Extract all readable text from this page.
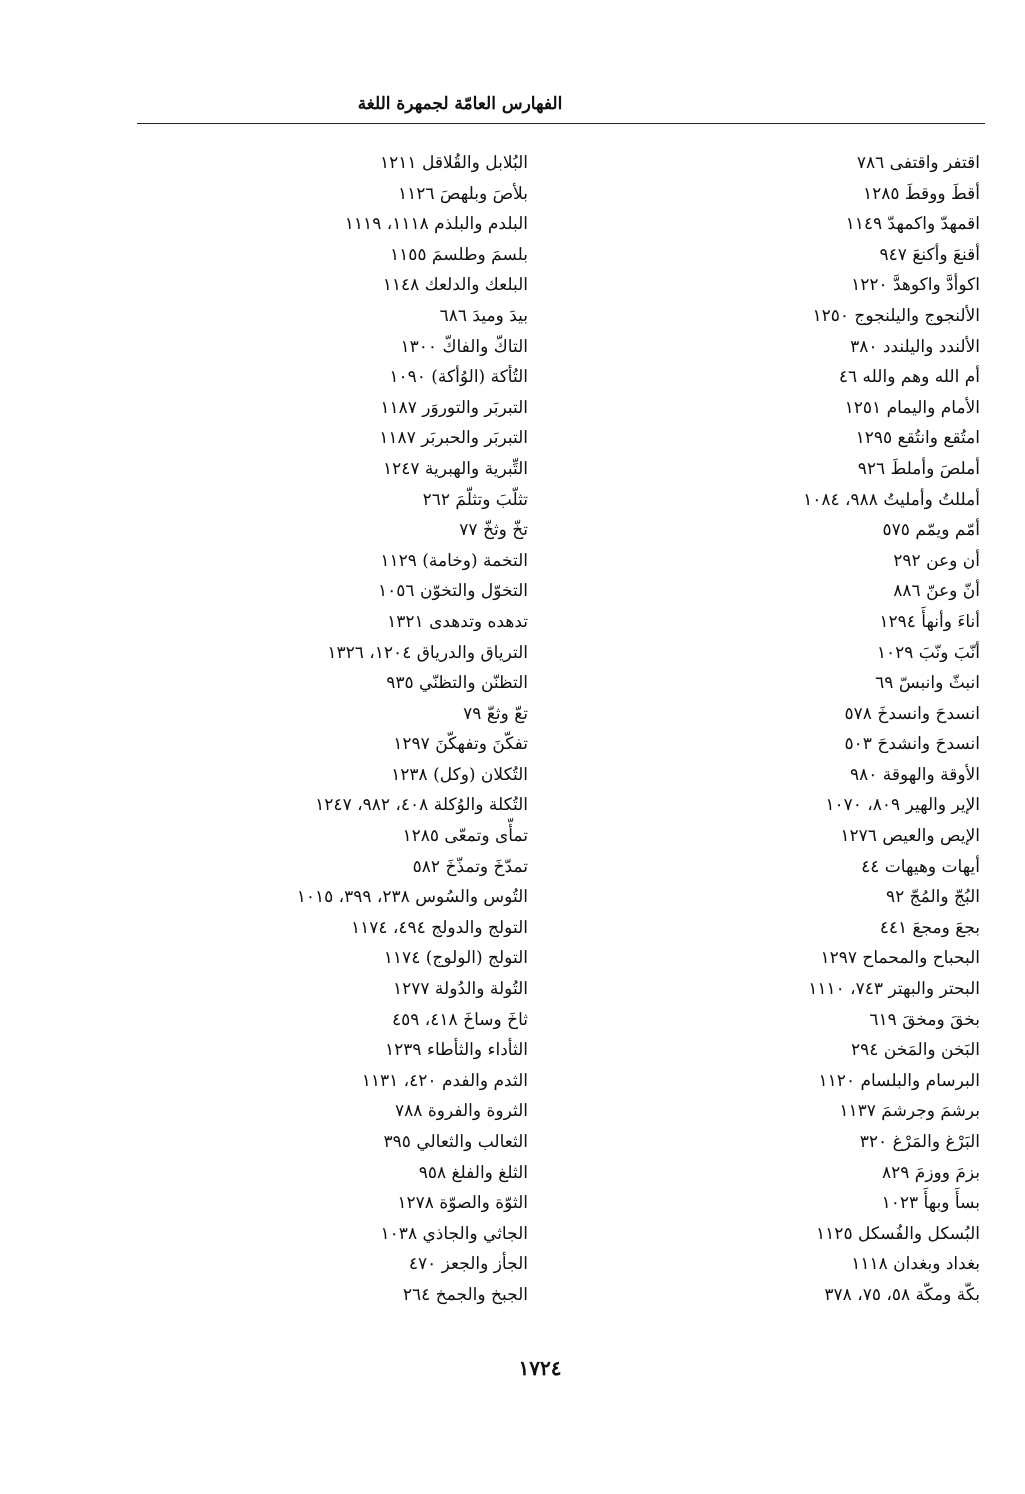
الفهارس العامّة لجمهرة اللغة
اقتفر واقتفى ٧٨٦
أقطَ ووقطَ ١٢٨٥
اقمهدّ واكمهدّ ١١٤٩
أقنعَ وأكنعَ ٩٤٧
اكوأدَّ واكوهدَّ ١٢٢٠
الألنجوج واليلنجوج ١٢٥٠
الألندد واليلندد ٣٨٠
أم الله وهم والله ٤٦
الأمام واليمام ١٢٥١
امتُقع وانتُقع ١٢٩٥
أملصَ وأملطَ ٩٢٦
أمللتُ وأمليتُ ٩٨٨، ١٠٨٤
أمّم ويمّم ٥٧٥
أن وعن ٢٩٢
أنّ وعنّ ٨٨٦
أناءَ وأنهأَ ١٢٩٤
أنّبَ ونّبَ ١٠٢٩
انبثّ وانبسّ ٦٩
انسدحَ وانسدخَ ٥٧٨
انسدحَ وانشدحَ ٥٠٣
الأوقة والهوقة ٩٨٠
الإير والهير ٨٠٩، ١٠٧٠
الإيص والعيص ١٢٧٦
أيهات وهيهات ٤٤
البُجّ والمُجّ ٩٢
بجعَ ومجعَ ٤٤١
البحباح والمحماح ١٢٩٧
البحتر والبهتر ٧٤٣، ١١١٠
بخقَ ومخقَ ٦١٩
البَخن والمَخن ٢٩٤
البرسام والبلسام ١١٢٠
برشمَ وجرشمَ ١١٣٧
البَرْغ والمَرْغ ٣٢٠
بزمَ ووزمَ ٨٢٩
بسأَ وبهأَ ١٠٢٣
البُسكل والفُسكل ١١٢٥
بغداد وبغدان ١١١٨
بكّة ومكّة ٥٨، ٧٥، ٣٧٨
البُلابل والقُلاقل ١٢١١
بلأصَ وبلهصَ ١١٢٦
البلدم والبلذم ١١١٨، ١١١٩
بلسمَ وطلسمَ ١١٥٥
البلعك والدلعك ١١٤٨
بيدَ وميدَ ٦٨٦
التاكّ والفاكّ ١٣٠٠
التُأكة (الوُأكة) ١٠٩٠
التبربَر والتوروَر ١١٨٧
التبربَر والحبربَر ١١٨٧
التِّبرية والهبرية ١٢٤٧
تثلّبَ وتثلّمَ ٢٦٢
تخّ وثخّ ٧٧
التخمة (وخامة) ١١٢٩
التخوّل والتخوّن ١٠٥٦
تدهده وتدهدى ١٣٢١
الترياق والدرياق ١٢٠٤، ١٣٢٦
التظنّن والتظنّي ٩٣٥
تعّ وثعّ ٧٩
تفكّنَ وتفهكّنَ ١٢٩٧
التُكلان (وكل) ١٢٣٨
التُكلة والوُكلة ٤٠٨، ٩٨٢، ١٢٤٧
تمأّى وتمعّى ١٢٨٥
تمدّخَ وتمذّخَ ٥٨٢
التُوس والسُوس ٢٣٨، ٣٩٩، ١٠١٥
التولج والدولج ٤٩٤، ١١٧٤
التولج (الولوج) ١١٧٤
التُولة والدُولة ١٢٧٧
ثاخَ وساخَ ٤١٨، ٤٥٩
الثأداء والثأطاء ١٢٣٩
الثدم والفدم ٤٢٠، ١١٣١
الثروة والفروة ٧٨٨
الثعالب والثعالي ٣٩٥
الثلغ والفلغ ٩٥٨
الثوّة والصوّة ١٢٧٨
الجاثي والجاذي ١٠٣٨
الجأز والجعز ٤٧٠
الجبخ والجمخ ٢٦٤
١٧٢٤
